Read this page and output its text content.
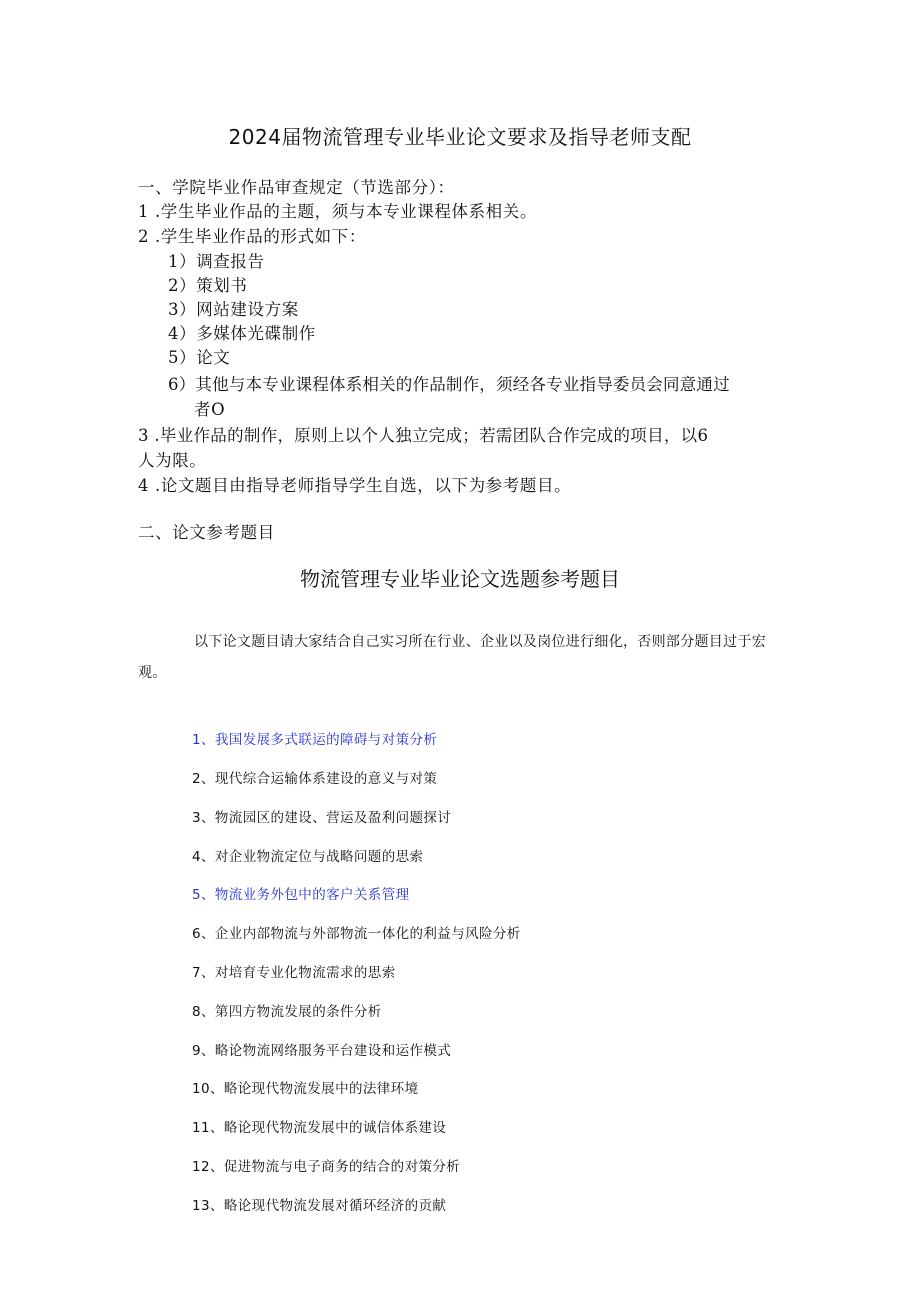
2024届物流管理专业毕业论文要求及指导老师支配
一、学院毕业作品审查规定（节选部分）：
1 .学生毕业作品的主题，须与本专业课程体系相关。
2 .学生毕业作品的形式如下：
1）调查报告
2）策划书
3）网站建设方案
4）多媒体光碟制作
5）论文
6）其他与本专业课程体系相关的作品制作，须经各专业指导委员会同意通过
者O
3 .毕业作品的制作，原则上以个人独立完成；若需团队合作完成的项目，以6
人为限。
4 .论文题目由指导老师指导学生自选，以下为参考题目。
二、论文参考题目
物流管理专业毕业论文选题参考题目
以下论文题目请大家结合自己实习所在行业、企业以及岗位进行细化，否则部分题目过于宏观。
1、我国发展多式联运的障碍与对策分析
2、现代综合运输体系建设的意义与对策
3、物流园区的建设、营运及盈利问题探讨
4、对企业物流定位与战略问题的思索
5、物流业务外包中的客户关系管理
6、企业内部物流与外部物流一体化的利益与风险分析
7、对培育专业化物流需求的思索
8、第四方物流发展的条件分析
9、略论物流网络服务平台建设和运作模式
10、略论现代物流发展中的法律环境
11、略论现代物流发展中的诚信体系建设
12、促进物流与电子商务的结合的对策分析
13、略论现代物流发展对循环经济的贡献
